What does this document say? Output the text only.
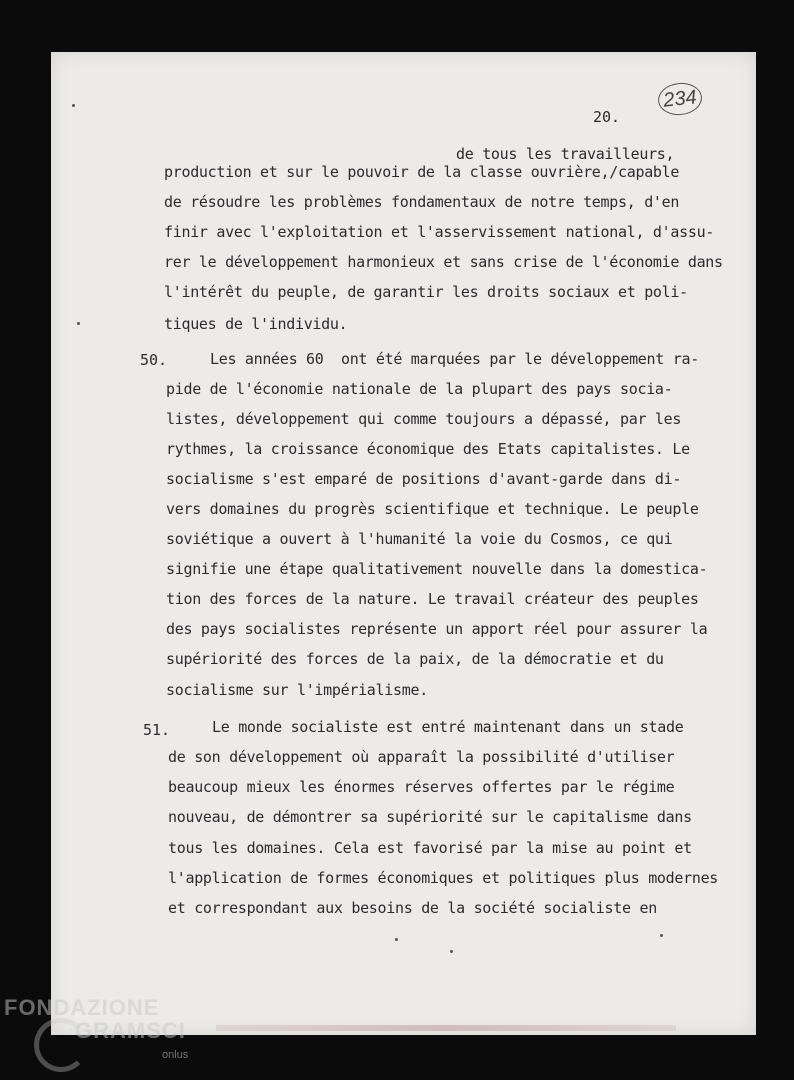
20.
234
de tous les travailleurs,
production et sur le pouvoir de la classe ouvrière,/capable
de résoudre les problèmes fondamentaux de notre temps, d'en
finir avec l'exploitation et l'asservissement national, d'assu-
rer le développement harmonieux et sans crise de l'économie dans
l'intérêt du peuple, de garantir les droits sociaux et poli-
tiques de l'individu.
50.	Les années 60  ont été marquées par le développement ra-
pide de l'économie nationale de la plupart des pays socia-
listes, développement qui comme toujours a dépassé, par les
rythmes, la croissance économique des Etats capitalistes. Le
socialisme s'est emparé de positions d'avant-garde dans di-
vers domaines du progrès scientifique et technique. Le peuple
soviétique a ouvert à l'humanité la voie du Cosmos, ce qui
signifie une étape qualitativement nouvelle dans la domestica-
tion des forces de la nature. Le travail créateur des peuples
des pays socialistes représente un apport réel pour assurer la
supériorité des forces de la paix, de la démocratie et du
socialisme sur l'impérialisme.
51.	Le monde socialiste est entré maintenant dans un stade
de son développement où apparaît la possibilité d'utiliser
beaucoup mieux les énormes réserves offertes par le régime
nouveau, de démontrer sa supériorité sur le capitalisme dans
tous les domaines. Cela est favorisé par la mise au point et
l'application de formes économiques et politiques plus modernes
et correspondant aux besoins de la société socialiste en
FONDAZIONE
GRAMSCI
onlus
